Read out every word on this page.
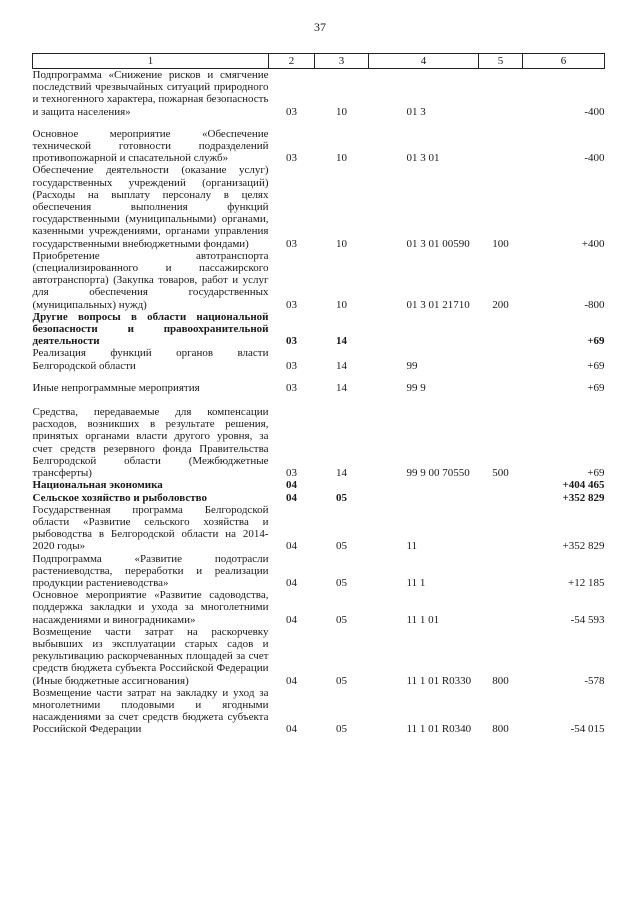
37
1	2	3	4	5	6
Подпрограмма «Снижение рисков и смягчение последствий чрезвычайных ситуаций природного и техногенного характера, пожарная безопасность и защита населения»	03	10	01 3		-400
Основное мероприятие «Обеспечение технической готовности подразделений противопожарной и спасательной служб»	03	10	01 3 01		-400
Обеспечение деятельности (оказание услуг) государственных учреждений (организаций) (Расходы на выплату персоналу в целях обеспечения выполнения функций государственными (муниципальными) органами, казенными учреждениями, органами управления государственными внебюджетными фондами)	03	10	01 3 01 00590	100	+400
Приобретение автотранспорта (специализированного и пассажирского автотранспорта) (Закупка товаров, работ и услуг для обеспечения государственных (муниципальных) нужд)	03	10	01 3 01 21710	200	-800
Другие вопросы в области национальной безопасности и правоохранительной деятельности	03	14			+69
Реализация функций органов власти Белгородской области	03	14	99		+69
Иные непрограммные мероприятия	03	14	99 9		+69
Средства, передаваемые для компенсации расходов, возникших в результате решения, принятых органами власти другого уровня, за счет средств резервного фонда Правительства Белгородской области (Межбюджетные трансферты)	03	14	99 9 00 70550	500	+69
Национальная экономика	04				+404 465
Сельское хозяйство и рыболовство	04	05			+352 829
Государственная программа Белгородской области «Развитие сельского хозяйства и рыбоводства в Белгородской области на 2014-2020 годы»	04	05	11		+352 829
Подпрограмма «Развитие подотрасли растениеводства, переработки и реализации продукции растениеводства»	04	05	11 1		+12 185
Основное мероприятие «Развитие садоводства, поддержка закладки и ухода за многолетними насаждениями и виноградниками»	04	05	11 1 01		-54 593
Возмещение части затрат на раскорчевку выбывших из эксплуатации старых садов и рекультивацию раскорчеванных площадей за счет средств бюджета субъекта Российской Федерации (Иные бюджетные ассигнования)	04	05	11 1 01 R0330	800	-578
Возмещение части затрат на закладку и уход за многолетними плодовыми и ягодными насаждениями за счет средств бюджета субъекта Российской Федерации	04	05	11 1 01 R0340	800	-54 015
